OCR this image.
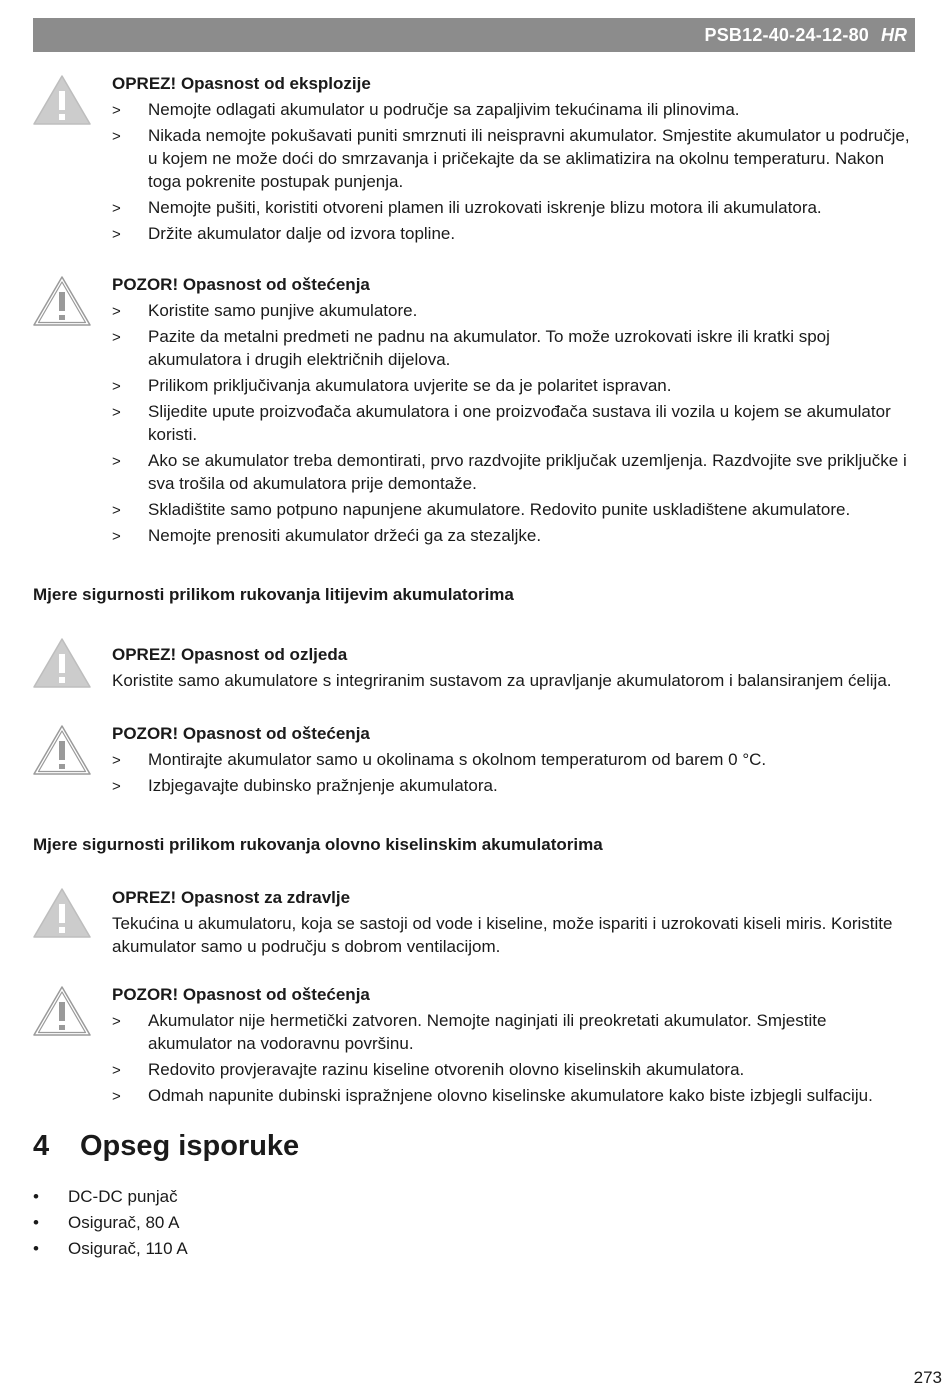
PSB12-40-24-12-80 HR
OPREZ! Opasnost od eksplozije
> Nemojte odlagati akumulator u područje sa zapaljivim tekućinama ili plinovima.
> Nikada nemojte pokušavati puniti smrznuti ili neispravni akumulator. Smjestite akumulator u područje, u kojem ne može doći do smrzavanja i pričekajte da se aklimatizira na okolnu temperaturu. Nakon toga pokrenite postupak punjenja.
> Nemojte pušiti, koristiti otvoreni plamen ili uzrokovati iskrenje blizu motora ili akumulatora.
> Držite akumulator dalje od izvora topline.
POZOR! Opasnost od oštećenja
> Koristite samo punjive akumulatore.
> Pazite da metalni predmeti ne padnu na akumulator. To može uzrokovati iskre ili kratki spoj akumulatora i drugih električnih dijelova.
> Prilikom priključivanja akumulatora uvjerite se da je polaritet ispravan.
> Slijedite upute proizvođača akumulatora i one proizvođača sustava ili vozila u kojem se akumulator koristi.
> Ako se akumulator treba demontirati, prvo razdvojite priključak uzemljenja. Razdvojite sve priključke i sva trošila od akumulatora prije demontaže.
> Skladištite samo potpuno napunjene akumulatore. Redovito punite uskladištene akumulatore.
> Nemojte prenositi akumulator držeći ga za stezaljke.
Mjere sigurnosti prilikom rukovanja litijevim akumulatorima
OPREZ! Opasnost od ozljeda

Koristite samo akumulatore s integriranim sustavom za upravljanje akumulatorom i balansiranjem ćelija.

POZOR! Opasnost od oštećenja
> Montirajte akumulator samo u okolinama s okolnom temperaturom od barem 0 °C.
> Izbjegavajte dubinsko pražnjenje akumulatora.
Mjere sigurnosti prilikom rukovanja olovno kiselinskim akumulatorima
OPREZ! Opasnost za zdravlje

Tekućina u akumulatoru, koja se sastoji od vode i kiseline, može ispariti i uzrokovati kiseli miris. Koristite akumulator samo u području s dobrom ventilacijom.

POZOR! Opasnost od oštećenja
> Akumulator nije hermetički zatvoren. Nemojte naginjati ili preokretati akumulator. Smjestite akumulator na vodoravnu površinu.
> Redovito provjeravajte razinu kiseline otvorenih olovno kiselinskih akumulatora.
> Odmah napunite dubinski ispražnjene olovno kiselinske akumulatore kako biste izbjegli sulfaciju.
4	Opseg isporuke
• DC-DC punjač
• Osigurač, 80 A
• Osigurač, 110 A
273
